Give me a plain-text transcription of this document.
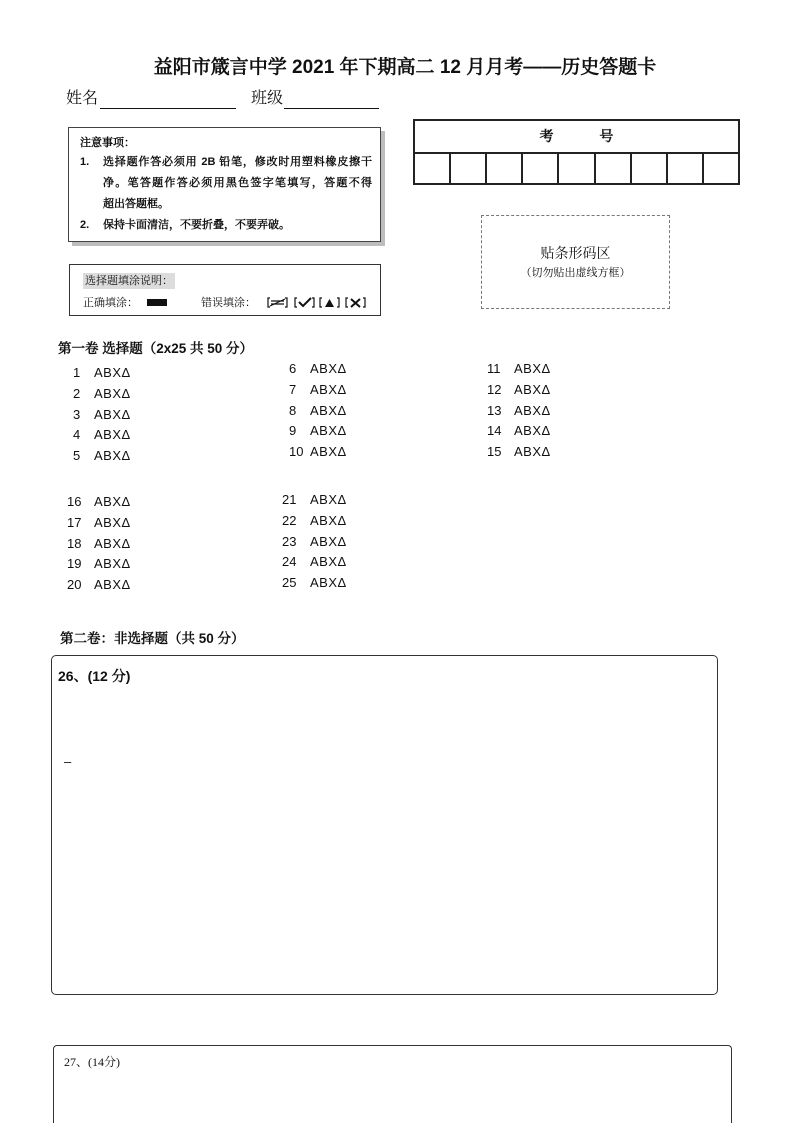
益阳市箴言中学 2021 年下期高二 12 月月考——历史答题卡
姓名	班级
注意事项：
1.	选择题作答必须用 2B 铅笔，修改时用塑料橡皮擦干
净。笔答题作答必须用黑色签字笔填写，答题不得
超出答题框。
2.	保持卡面清洁，不要折叠，不要弄破。
选择题填涂说明：
正确填涂：	错误填涂：
考 号
贴条形码区
（切勿贴出虚线方框）
第一卷 选择题（2x25 共 50 分）
1 ABXΔ
2 ABXΔ
3 ABXΔ
4 ABXΔ
5 ABXΔ
6 ABXΔ
7 ABXΔ
8 ABXΔ
9 ABXΔ
10 ABXΔ
11 ABXΔ
12 ABXΔ
13 ABXΔ
14 ABXΔ
15 ABXΔ
16 ABXΔ
17 ABXΔ
18 ABXΔ
19 ABXΔ
20 ABXΔ
21 ABXΔ
22 ABXΔ
23 ABXΔ
24 ABXΔ
25 ABXΔ
第二卷：非选择题（共 50 分）
26、(12 分)
–
27、(14分)
